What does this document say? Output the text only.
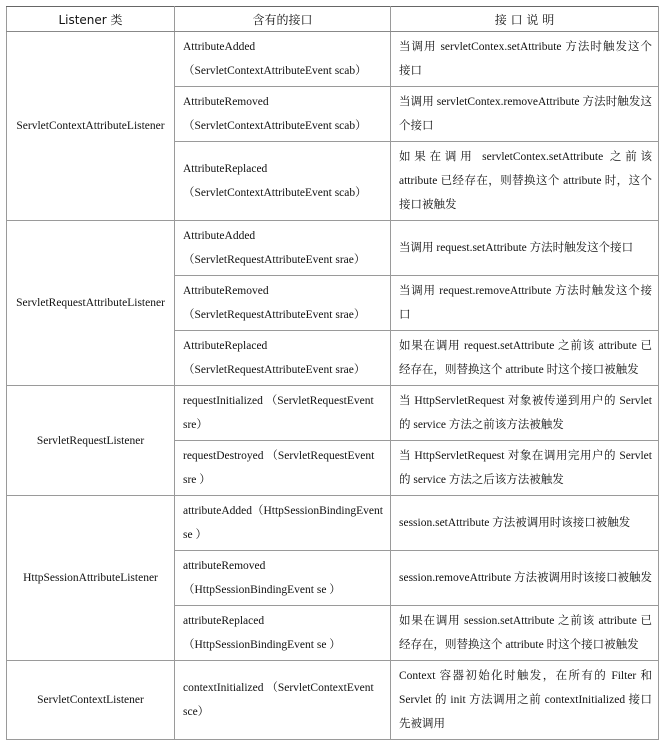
Listener 类	含有的接口	接 口 说 明
ServletContextAttributeListener	AttributeAdded（ServletContextAttributeEvent scab）	当调用 servletContex.setAttribute 方法时触发这个接口
	AttributeRemoved（ServletContextAttributeEvent scab）	当调用 servletContex.removeAttribute 方法时触发这个接口
	AttributeReplaced（ServletContextAttributeEvent scab）	如果在调用 servletContex.setAttribute 之前该 attribute 已经存在，则替换这个 attribute 时，这个接口被触发
ServletRequestAttributeListener	AttributeAdded（ServletRequestAttributeEvent srae）	当调用 request.setAttribute 方法时触发这个接口
	AttributeRemoved（ServletRequestAttributeEvent srae）	当调用 request.removeAttribute 方法时触发这个接口
	AttributeReplaced（ServletRequestAttributeEvent srae）	如果在调用 request.setAttribute 之前该 attribute 已经存在，则替换这个 attribute 时这个接口被触发
ServletRequestListener	requestInitialized （ServletRequestEvent sre）	当 HttpServletRequest 对象被传递到用户的 Servlet 的 service 方法之前该方法被触发
	requestDestroyed （ServletRequestEvent sre ）	当 HttpServletRequest 对象在调用完用户的 Servlet 的 service 方法之后该方法被触发
HttpSessionAttributeListener	attributeAdded（HttpSessionBindingEvent se ）	session.setAttribute 方法被调用时该接口被触发
	attributeRemoved（HttpSessionBindingEvent se ）	session.removeAttribute 方法被调用时该接口被触发
	attributeReplaced（HttpSessionBindingEvent se ）	如果在调用 session.setAttribute 之前该 attribute 已经存在，则替换这个 attribute 时这个接口被触发
ServletContextListener	contextInitialized （ServletContextEvent sce）	Context 容器初始化时触发，在所有的 Filter 和 Servlet 的 init 方法调用之前 contextInitialized 接口先被调用
